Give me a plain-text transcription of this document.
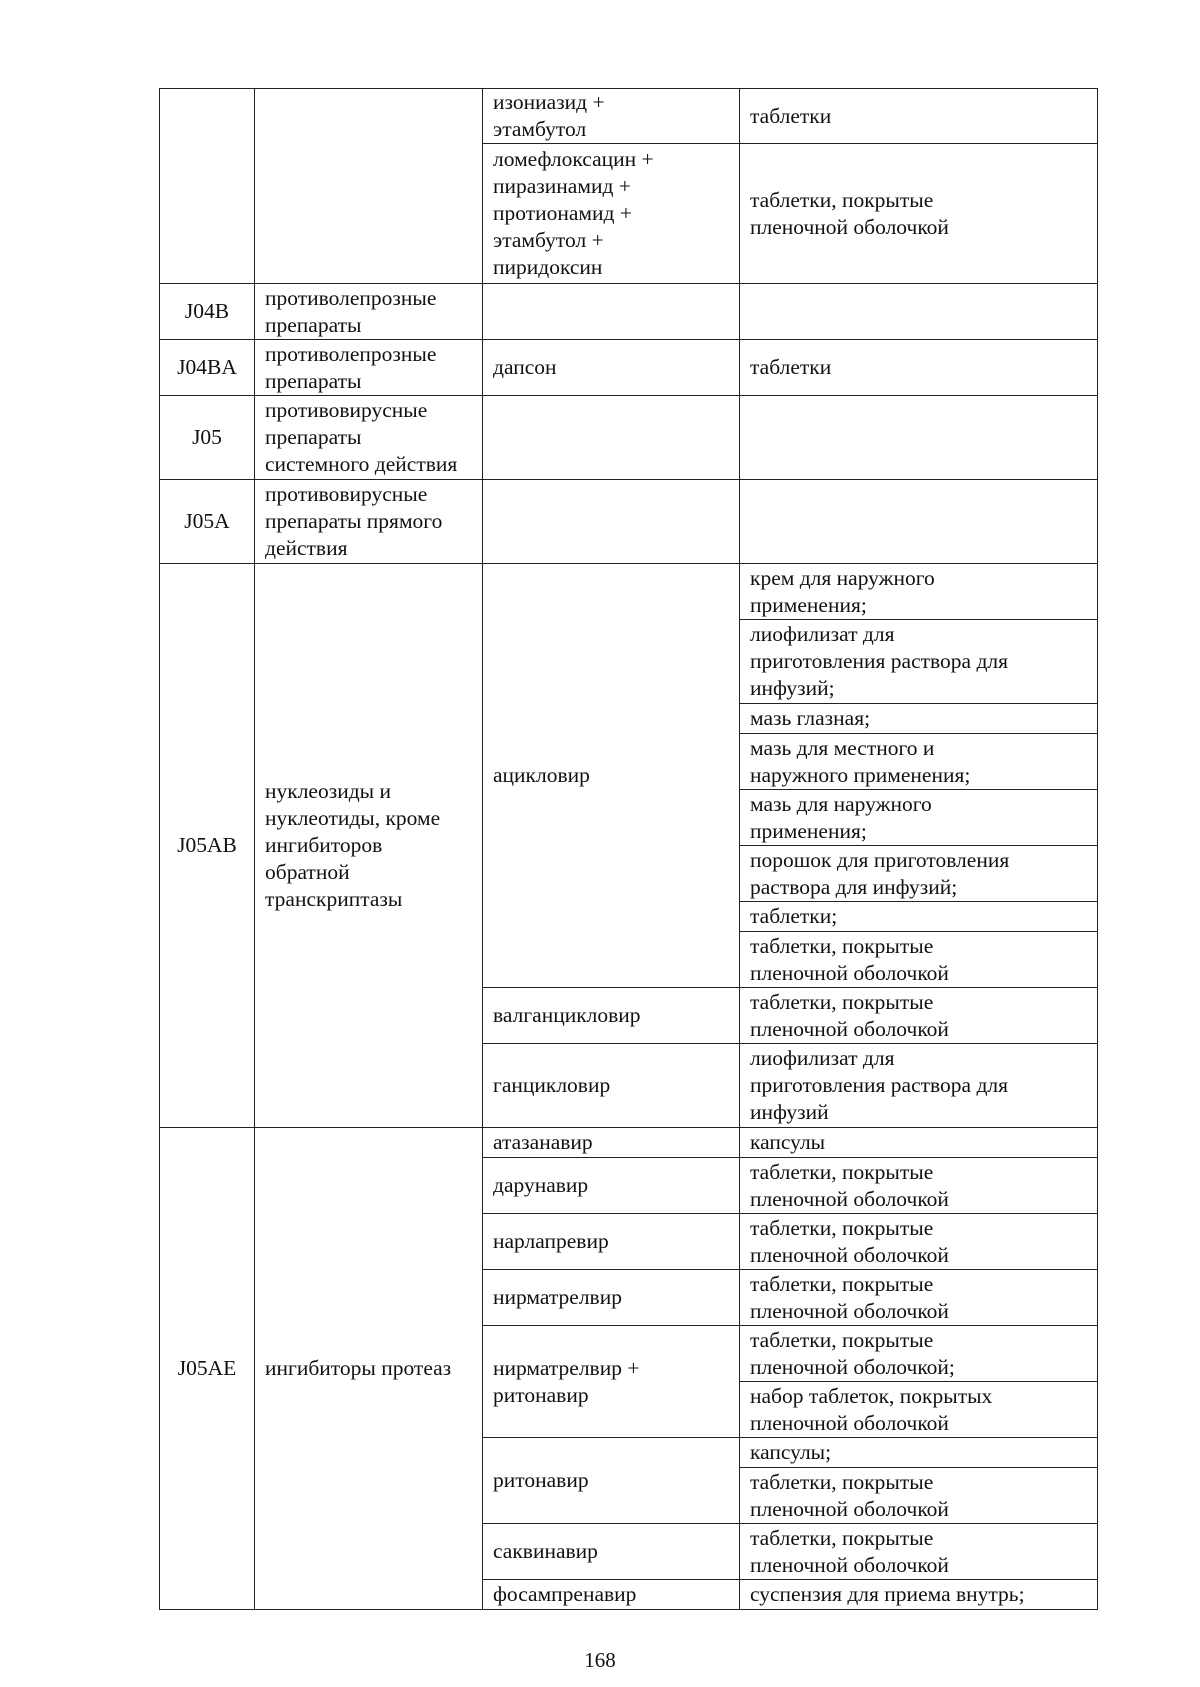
		изониазид +
этамбутол	таблетки

		ломефлоксацин +
пиразинамид +
протионамид +
этамбутол +
пиридоксин	таблетки, покрытые
пленочной оболочкой

J04B	противолепрозные
препараты		

J04BA	противолепрозные
препараты	дапсон	таблетки
J05	противовирусные
препараты
системного действия		

J05A	противовирусные
препараты прямого
действия		

J05AB	нуклеозиды и
нуклеотиды, кроме
ингибиторов
обратной
транскриптазы	ацикловир	крем для наружного
применения;

			лиофилизат для
приготовления раствора для
инфузий;

			мазь глазная;

			мазь для местного и
наружного применения;

			мазь для наружного
применения;

			порошок для приготовления
раствора для инфузий;

			таблетки;

			таблетки, покрытые
пленочной оболочкой

		валганцикловир	таблетки, покрытые
пленочной оболочкой

		ганцикловир	лиофилизат для
приготовления раствора для
инфузий

J05AE	ингибиторы протеаз	атазанавир	капсулы

		дарунавир	таблетки, покрытые
пленочной оболочкой

		нарлапревир	таблетки, покрытые
пленочной оболочкой

		нирматрелвир	таблетки, покрытые
пленочной оболочкой

		нирматрелвир +
ритонавир	таблетки, покрытые
пленочной оболочкой;

			набор таблеток, покрытых
пленочной оболочкой

		ритонавир	капсулы;

			таблетки, покрытые
пленочной оболочкой

		саквинавир	таблетки, покрытые
пленочной оболочкой

		фосампренавир	суспензия для приема внутрь;
168
